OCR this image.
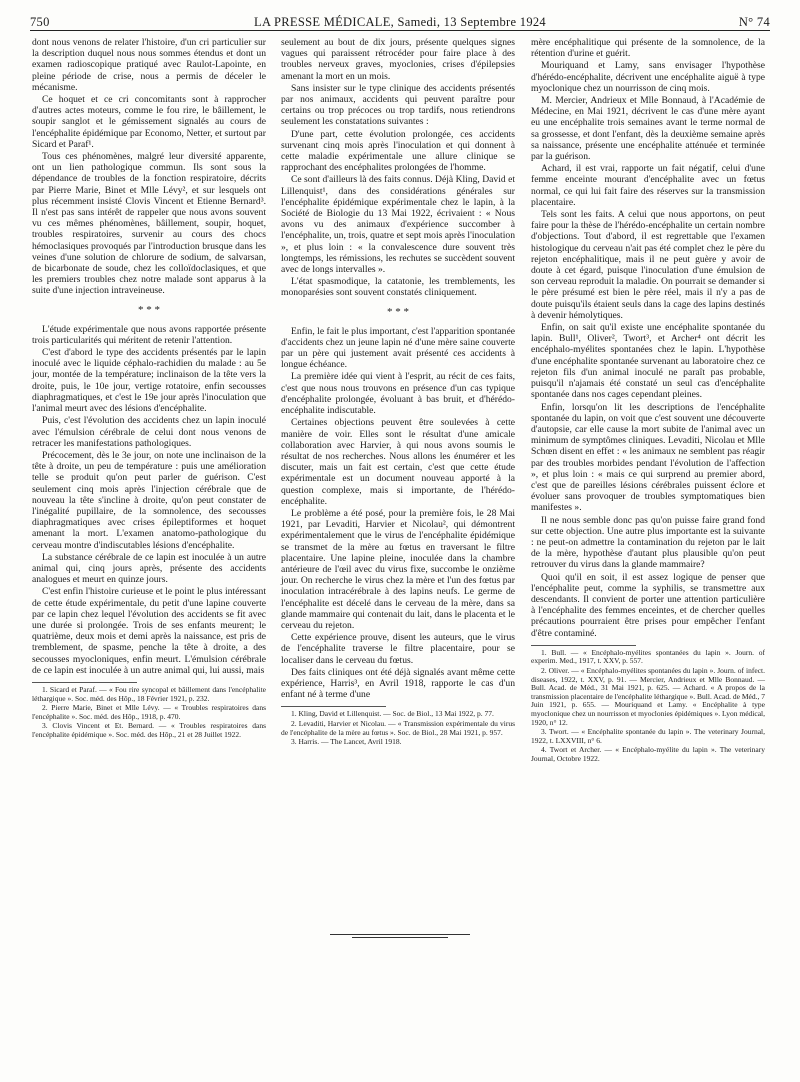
750	LA PRESSE MÉDICALE, Samedi, 13 Septembre 1924	N° 74

dont nous venons de relater l'histoire, d'un cri particulier sur la description duquel nous nous sommes étendus et dont un examen radioscopique pratiqué avec Raulot-Lapointe, en pleine période de crise, nous a permis de déceler le mécanisme.

Ce hoquet et ce cri concomitants sont à rapprocher d'autres actes moteurs, comme le fou rire, le bâillement, le soupir sanglot et le gémissement signalés au cours de l'encéphalite épidémique par Economo, Netter, et surtout par Sicard et Paraf¹.

Tous ces phénomènes, malgré leur diversité apparente, ont un lien pathologique commun. Ils sont sous la dépendance de troubles de la fonction respiratoire, décrits par Pierre Marie, Binet et Mlle Lévy², et sur lesquels ont plus récemment insisté Clovis Vincent et Etienne Bernard³. Il n'est pas sans intérêt de rappeler que nous avons souvent vu ces mêmes phénomènes, bâillement, soupir, hoquet, troubles respiratoires, survenir au cours des chocs hémoclasiques provoqués par l'introduction brusque dans les veines d'une solution de chlorure de sodium, de salvarsan, de bicarbonate de soude, chez les colloïdoclasiques, et que les premiers troubles chez notre malade sont apparus à la suite d'une injection intraveineuse.

* * *

L'étude expérimentale que nous avons rapportée présente trois particularités qui méritent de retenir l'attention.

C'est d'abord le type des accidents présentés par le lapin inoculé avec le liquide céphalo-rachidien du malade : au 5e jour, montée de la température; inclinaison de la tête vers la droite, puis, le 10e jour, vertige rotatoire, enfin secousses diaphragmatiques, et c'est le 19e jour après l'inoculation que l'animal meurt avec des lésions d'encéphalite.

Puis, c'est l'évolution des accidents chez un lapin inoculé avec l'émulsion cérébrale de celui dont nous venons de retracer les manifestations pathologiques.

Précocement, dès le 3e jour, on note une inclinaison de la tête à droite, un peu de température : puis une amélioration telle se produit qu'on peut parler de guérison. C'est seulement cinq mois après l'injection cérébrale que de nouveau la tête s'incline à droite, qu'on peut constater de l'inégalité pupillaire, de la somnolence, des secousses diaphragmatiques avec crises épileptiformes et hoquet amenant la mort. L'examen anatomo-pathologique du cerveau montre d'indiscutables lésions d'encéphalite.

La substance cérébrale de ce lapin est inoculée à un autre animal qui, cinq jours après, présente des accidents analogues et meurt en quinze jours.

C'est enfin l'histoire curieuse et le point le plus intéressant de cette étude expérimentale, du petit d'une lapine couverte par ce lapin chez lequel l'évolution des accidents se fit avec une durée si prolongée. Trois de ses enfants meurent; le quatrième, deux mois et demi après la naissance, est pris de tremblement, de spasme, penche la tête à droite, a des secousses myocloniques, enfin meurt. L'émulsion cérébrale de ce lapin est inoculée à un autre animal qui, lui aussi, mais

1. Sicard et Paraf. — « Fou rire syncopal et bâillement dans l'encéphalite léthargique ». Soc. méd. des Hôp., 18 Février 1921, p. 232.

2. Pierre Marie, Binet et Mlle Lévy. — « Troubles respiratoires dans l'encéphalite ». Soc. méd. des Hôp., 1918, p. 470.

3. Clovis Vincent et Et. Bernard. — « Troubles respiratoires dans l'encéphalite épidémique ». Soc. méd. des Hôp., 21 et 28 Juillet 1922.

seulement au bout de dix jours, présente quelques signes vagues qui paraissent rétrocéder pour faire place à des troubles nerveux graves, myoclonies, crises d'épilepsies amenant la mort en un mois.

Sans insister sur le type clinique des accidents présentés par nos animaux, accidents qui peuvent paraître pour certains ou trop précoces ou trop tardifs, nous retiendrons seulement les constatations suivantes :

D'une part, cette évolution prolongée, ces accidents survenant cinq mois après l'inoculation et qui donnent à cette maladie expérimentale une allure clinique se rapprochant des encéphalites prolongées de l'homme.

Ce sont d'ailleurs là des faits connus. Déjà Kling, David et Lillenquist¹, dans des considérations générales sur l'encéphalite épidémique expérimentale chez le lapin, à la Société de Biologie du 13 Mai 1922, écrivaient : « Nous avons vu des animaux d'expérience succomber à l'encéphalite, un, trois, quatre et sept mois après l'inoculation », et plus loin : « la convalescence dure souvent très longtemps, les rémissions, les rechutes se succèdent souvent avec de longs intervalles ».

L'état spasmodique, la catatonie, les tremblements, les monoparésies sont souvent constatés cliniquement.

* * *

Enfin, le fait le plus important, c'est l'apparition spontanée d'accidents chez un jeune lapin né d'une mère saine couverte par un père qui justement avait présenté ces accidents à longue échéance.

La première idée qui vient à l'esprit, au récit de ces faits, c'est que nous nous trouvons en présence d'un cas typique d'encéphalite prolongée, évoluant à bas bruit, et d'hérédo-encéphalite indiscutable.

Certaines objections peuvent être soulevées à cette manière de voir. Elles sont le résultat d'une amicale collaboration avec Harvier, à qui nous avons soumis le résultat de nos recherches. Nous allons les énumérer et les discuter, mais un fait est certain, c'est que cette étude expérimentale est un document nouveau apporté à la question complexe, mais si importante, de l'hérédo-encéphalite.

Le problème a été posé, pour la première fois, le 28 Mai 1921, par Levaditi, Harvier et Nicolau², qui démontrent expérimentalement que le virus de l'encéphalite épidémique se transmet de la mère au fœtus en traversant le filtre placentaire. Une lapine pleine, inoculée dans la chambre antérieure de l'œil avec du virus fixe, succombe le onzième jour. On recherche le virus chez la mère et l'un des fœtus par inoculation intracérébrale à des lapins neufs. Le germe de l'encéphalite est décelé dans le cerveau de la mère, dans sa glande mammaire qui contenait du lait, dans le placenta et le cerveau du rejeton.

Cette expérience prouve, disent les auteurs, que le virus de l'encéphalite traverse le filtre placentaire, pour se localiser dans le cerveau du fœtus.

Des faits cliniques ont été déjà signalés avant même cette expérience, Harris³, en Avril 1918, rapporte le cas d'un enfant né à terme d'une

1. Kling, David et Lillenquist. — Soc. de Biol., 13 Mai 1922, p. 77.

2. Levaditi, Harvier et Nicolau. — « Transmission expérimentale du virus de l'encéphalite de la mère au fœtus ». Soc. de Biol., 28 Mai 1921, p. 957.

3. Harris. — The Lancet, Avril 1918.

mère encéphalitique qui présente de la somnolence, de la rétention d'urine et guérit.

Mouriquand et Lamy, sans envisager l'hypothèse d'hérédo-encéphalite, décrivent une encéphalite aiguë à type myoclonique chez un nourrisson de cinq mois.

M. Mercier, Andrieux et Mlle Bonnaud, à l'Académie de Médecine, en Mai 1921, décrivent le cas d'une mère ayant eu une encéphalite trois semaines avant le terme normal de sa grossesse, et dont l'enfant, dès la deuxième semaine après sa naissance, présente une encéphalite atténuée et terminée par la guérison.

Achard, il est vrai, rapporte un fait négatif, celui d'une femme enceinte mourant d'encéphalite avec un fœtus normal, ce qui lui fait faire des réserves sur la transmission placentaire.

Tels sont les faits. A celui que nous apportons, on peut faire pour la thèse de l'hérédo-encéphalite un certain nombre d'objections. Tout d'abord, il est regrettable que l'examen histologique du cerveau n'ait pas été complet chez le père du rejeton encéphalitique, mais il ne peut guère y avoir de doute à cet égard, puisque l'inoculation d'une émulsion de son cerveau reproduit la maladie. On pourrait se demander si le père présumé est bien le père réel, mais il n'y a pas de doute puisqu'ils étaient seuls dans la cage des lapins destinés à devenir hémolytiques.

Enfin, on sait qu'il existe une encéphalite spontanée du lapin. Bull¹, Oliver², Twort³, et Archer⁴ ont décrit les encéphalo-myélites spontanées chez le lapin. L'hypothèse d'une encéphalite spontanée survenant au laboratoire chez ce rejeton fils d'un animal inoculé ne paraît pas probable, puisqu'il n'ajamais été constaté un seul cas d'encéphalite spontanée dans nos cages cependant pleines.

Enfin, lorsqu'on lit les descriptions de l'encéphalite spontanée du lapin, on voit que c'est souvent une découverte d'autopsie, car elle cause la mort subite de l'animal avec un minimum de symptômes cliniques. Levaditi, Nicolau et Mlle Schœn disent en effet : « les animaux ne semblent pas réagir par des troubles morbides pendant l'évolution de l'affection », et plus loin : « mais ce qui surprend au premier abord, c'est que de pareilles lésions cérébrales puissent éclore et évoluer sans provoquer de troubles symptomatiques bien manifestes ».

Il ne nous semble donc pas qu'on puisse faire grand fond sur cette objection. Une autre plus importante est la suivante : ne peut-on admettre la contamination du rejeton par le lait de la mère, hypothèse d'autant plus plausible qu'on peut retrouver du virus dans la glande mammaire?

Quoi qu'il en soit, il est assez logique de penser que l'encéphalite peut, comme la syphilis, se transmettre aux descendants. Il convient de porter une attention particulière à l'encéphalite des femmes enceintes, et de chercher quelles précautions pourraient être prises pour empêcher l'enfant d'être contaminé.

1. Bull. — « Encéphalo-myélites spontanées du lapin ». Journ. of experim. Med., 1917, t. XXV, p. 557.

2. Oliver. — « Encéphalo-myélites spontanées du lapin ». Journ. of infect. diseases, 1922, t. XXV, p. 91. — Mercier, Andrieux et Mlle Bonnaud. — Bull. Acad. de Méd., 31 Mai 1921, p. 625. — Achard. « A propos de la transmission placentaire de l'encéphalite léthargique ». Bull. Acad. de Méd., 7 Juin 1921, p. 655. — Mouriquand et Lamy. « Encéphalite à type myoclonique chez un nourrisson et myoclonies épidémiques ». Lyon médical, 1920, n° 12.

3. Twort. — « Encéphalite spontanée du lapin ». The veterinary Journal, 1922, t. LXXVIII, n° 6.

4. Twort et Archer. — « Encéphalo-myélite du lapin ». The veterinary Journal, Octobre 1922.
